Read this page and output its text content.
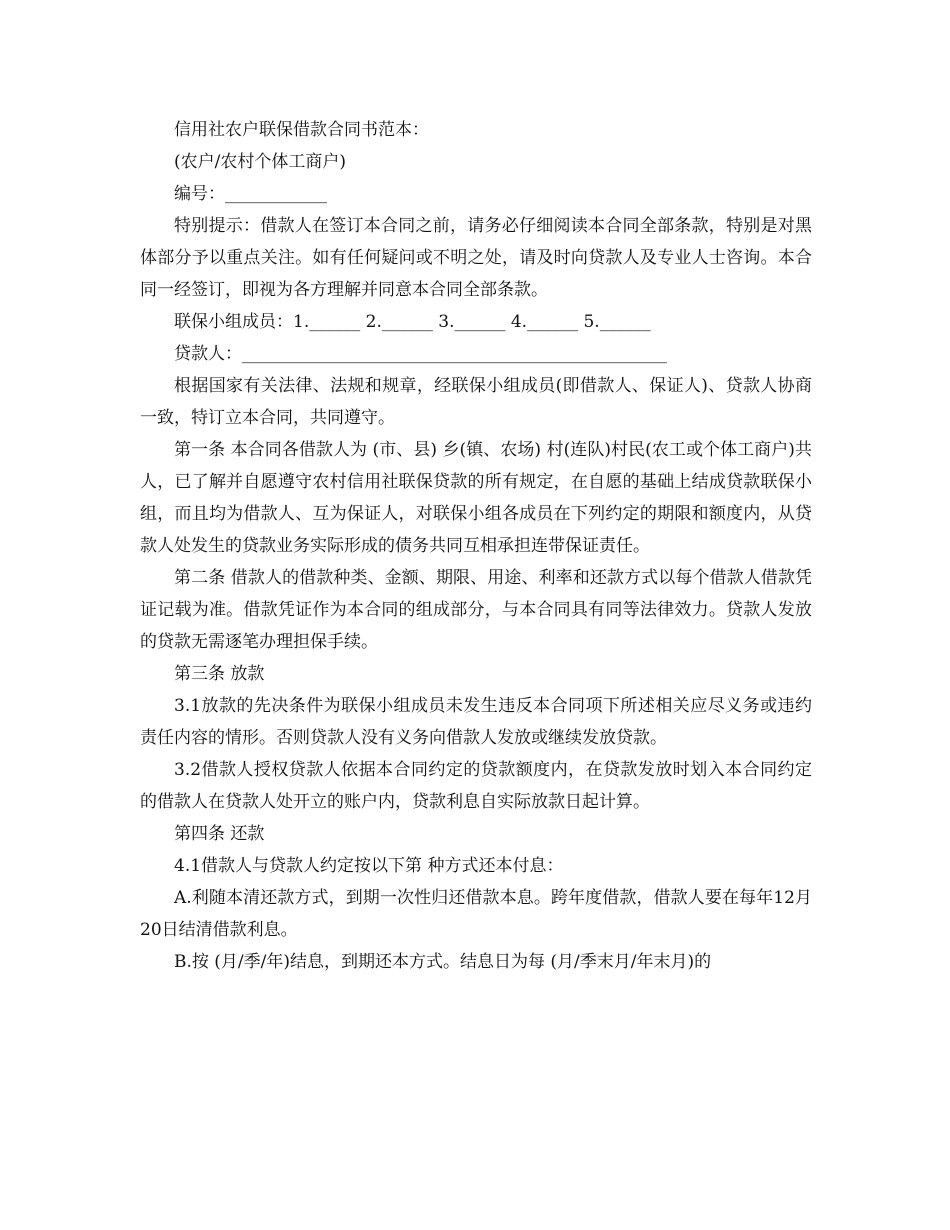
信用社农户联保借款合同书范本：

(农户/农村个体工商户)

编号：____________

特别提示：借款人在签订本合同之前，请务必仔细阅读本合同全部条款，特别是对黑体部分予以重点关注。如有任何疑问或不明之处，请及时向贷款人及专业人士咨询。本合同一经签订，即视为各方理解并同意本合同全部条款。

联保小组成员：1.______ 2.______ 3.______ 4.______ 5.______

贷款人：__________________________________________________

根据国家有关法律、法规和规章，经联保小组成员(即借款人、保证人)、贷款人协商一致，特订立本合同，共同遵守。

第一条 本合同各借款人为 (市、县) 乡(镇、农场) 村(连队)村民(农工或个体工商户)共 人，已了解并自愿遵守农村信用社联保贷款的所有规定，在自愿的基础上结成贷款联保小组，而且均为借款人、互为保证人，对联保小组各成员在下列约定的期限和额度内，从贷款人处发生的贷款业务实际形成的债务共同互相承担连带保证责任。

第二条 借款人的借款种类、金额、期限、用途、利率和还款方式以每个借款人借款凭证记载为准。借款凭证作为本合同的组成部分，与本合同具有同等法律效力。贷款人发放的贷款无需逐笔办理担保手续。

第三条 放款

3.1放款的先决条件为联保小组成员未发生违反本合同项下所述相关应尽义务或违约责任内容的情形。否则贷款人没有义务向借款人发放或继续发放贷款。

3.2借款人授权贷款人依据本合同约定的贷款额度内，在贷款发放时划入本合同约定的借款人在贷款人处开立的账户内，贷款利息自实际放款日起计算。

第四条 还款

4.1借款人与贷款人约定按以下第 种方式还本付息：

A.利随本清还款方式，到期一次性归还借款本息。跨年度借款，借款人要在每年12月20日结清借款利息。

B.按 (月/季/年)结息，到期还本方式。结息日为每 (月/季末月/年末月)的
